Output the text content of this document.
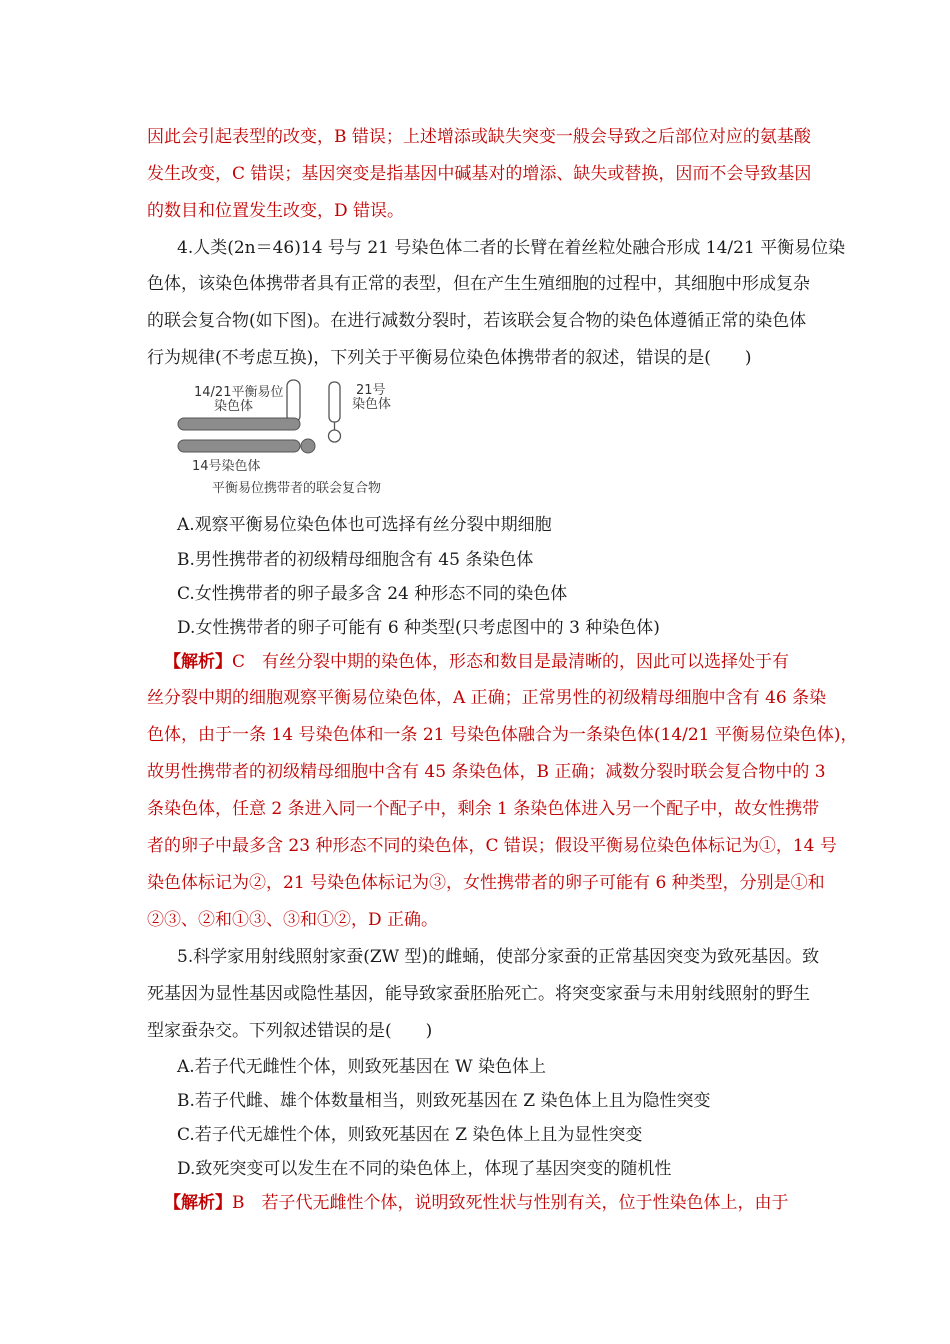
因此会引起表型的改变，B 错误；上述增添或缺失突变一般会导致之后部位对应的氨基酸
发生改变，C 错误；基因突变是指基因中碱基对的增添、缺失或替换，因而不会导致基因
的数目和位置发生改变，D 错误。
4.人类(2n＝46)14 号与 21 号染色体二者的长臂在着丝粒处融合形成 14/21 平衡易位染
色体，该染色体携带者具有正常的表型，但在产生生殖细胞的过程中，其细胞中形成复杂
的联会复合物(如下图)。在进行减数分裂时，若该联会复合物的染色体遵循正常的染色体
行为规律(不考虑互换)，下列关于平衡易位染色体携带者的叙述，错误的是(　　)
14/21平衡易位
染色体
21号
染色体
14号染色体
平衡易位携带者的联会复合物
A.观察平衡易位染色体也可选择有丝分裂中期细胞
B.男性携带者的初级精母细胞含有 45 条染色体
C.女性携带者的卵子最多含 24 种形态不同的染色体
D.女性携带者的卵子可能有 6 种类型(只考虑图中的 3 种染色体)
【解析】C　有丝分裂中期的染色体，形态和数目是最清晰的，因此可以选择处于有
丝分裂中期的细胞观察平衡易位染色体，A 正确；正常男性的初级精母细胞中含有 46 条染
色体，由于一条 14 号染色体和一条 21 号染色体融合为一条染色体(14/21 平衡易位染色体)，
故男性携带者的初级精母细胞中含有 45 条染色体，B 正确；减数分裂时联会复合物中的 3
条染色体，任意 2 条进入同一个配子中，剩余 1 条染色体进入另一个配子中，故女性携带
者的卵子中最多含 23 种形态不同的染色体，C 错误；假设平衡易位染色体标记为①，14 号
染色体标记为②，21 号染色体标记为③，女性携带者的卵子可能有 6 种类型，分别是①和
②③、②和①③、③和①②，D 正确。
5.科学家用射线照射家蚕(ZW 型)的雌蛹，使部分家蚕的正常基因突变为致死基因。致
死基因为显性基因或隐性基因，能导致家蚕胚胎死亡。将突变家蚕与未用射线照射的野生
型家蚕杂交。下列叙述错误的是(　　)
A.若子代无雌性个体，则致死基因在 W 染色体上
B.若子代雌、雄个体数量相当，则致死基因在 Z 染色体上且为隐性突变
C.若子代无雄性个体，则致死基因在 Z 染色体上且为显性突变
D.致死突变可以发生在不同的染色体上，体现了基因突变的随机性
【解析】B　若子代无雌性个体，说明致死性状与性别有关，位于性染色体上，由于
